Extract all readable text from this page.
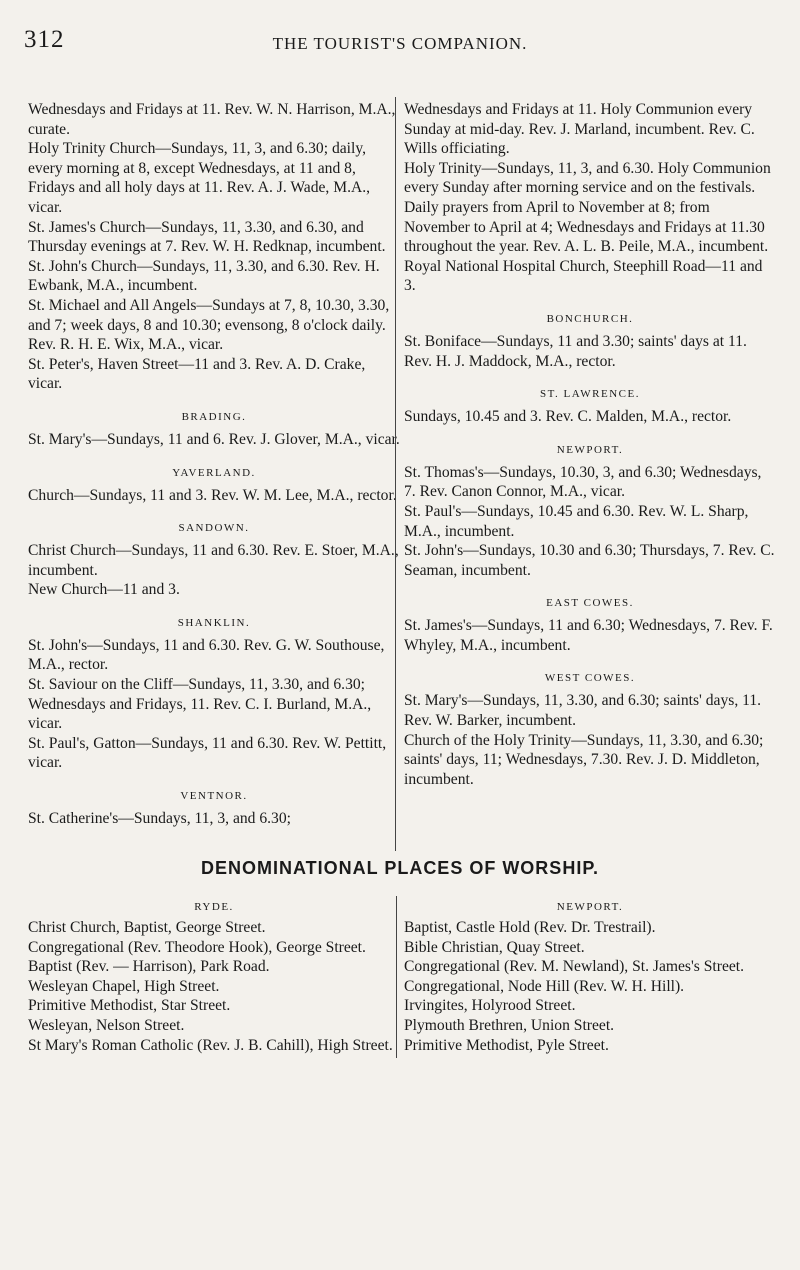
312	THE TOURIST'S COMPANION.

Wednesdays and Fridays at 11. Rev. W. N. Harrison, M.A., curate.

Holy Trinity Church—Sundays, 11, 3, and 6.30; daily, every morning at 8, except Wednesdays, at 11 and 8, Fridays and all holy days at 11. Rev. A. J. Wade, M.A., vicar.

St. James's Church—Sundays, 11, 3.30, and 6.30, and Thursday evenings at 7. Rev. W. H. Redknap, incumbent.

St. John's Church—Sundays, 11, 3.30, and 6.30. Rev. H. Ewbank, M.A., incumbent.

St. Michael and All Angels—Sundays at 7, 8, 10.30, 3.30, and 7; week days, 8 and 10.30; evensong, 8 o'clock daily. Rev. R. H. E. Wix, M.A., vicar.

St. Peter's, Haven Street—11 and 3. Rev. A. D. Crake, vicar.

BRADING.

St. Mary's—Sundays, 11 and 6. Rev. J. Glover, M.A., vicar.

YAVERLAND.

Church—Sundays, 11 and 3. Rev. W. M. Lee, M.A., rector.

SANDOWN.

Christ Church—Sundays, 11 and 6.30. Rev. E. Stoer, M.A., incumbent.

New Church—11 and 3.

SHANKLIN.

St. John's—Sundays, 11 and 6.30. Rev. G. W. Southouse, M.A., rector.

St. Saviour on the Cliff—Sundays, 11, 3.30, and 6.30; Wednesdays and Fridays, 11. Rev. C. I. Burland, M.A., vicar.

St. Paul's, Gatton—Sundays, 11 and 6.30. Rev. W. Pettitt, vicar.

VENTNOR.

St. Catherine's—Sundays, 11, 3, and 6.30;

Wednesdays and Fridays at 11. Holy Communion every Sunday at mid-day. Rev. J. Marland, incumbent. Rev. C. Wills officiating.

Holy Trinity—Sundays, 11, 3, and 6.30. Holy Communion every Sunday after morning service and on the festivals. Daily prayers from April to November at 8; from November to April at 4; Wednesdays and Fridays at 11.30 throughout the year. Rev. A. L. B. Peile, M.A., incumbent.

Royal National Hospital Church, Steephill Road—11 and 3.

BONCHURCH.

St. Boniface—Sundays, 11 and 3.30; saints' days at 11. Rev. H. J. Maddock, M.A., rector.

ST. LAWRENCE.

Sundays, 10.45 and 3. Rev. C. Malden, M.A., rector.

NEWPORT.

St. Thomas's—Sundays, 10.30, 3, and 6.30; Wednesdays, 7. Rev. Canon Connor, M.A., vicar.

St. Paul's—Sundays, 10.45 and 6.30. Rev. W. L. Sharp, M.A., incumbent.

St. John's—Sundays, 10.30 and 6.30; Thursdays, 7. Rev. C. Seaman, incumbent.

EAST COWES.

St. James's—Sundays, 11 and 6.30; Wednesdays, 7. Rev. F. Whyley, M.A., incumbent.

WEST COWES.

St. Mary's—Sundays, 11, 3.30, and 6.30; saints' days, 11. Rev. W. Barker, incumbent.

Church of the Holy Trinity—Sundays, 11, 3.30, and 6.30; saints' days, 11; Wednesdays, 7.30. Rev. J. D. Middleton, incumbent.

DENOMINATIONAL PLACES OF WORSHIP.
RYDE.

Christ Church, Baptist, George Street.

Congregational (Rev. Theodore Hook), George Street.

Baptist (Rev. — Harrison), Park Road.

Wesleyan Chapel, High Street.

Primitive Methodist, Star Street.

Wesleyan, Nelson Street.

St Mary's Roman Catholic (Rev. J. B. Cahill), High Street.

NEWPORT.

Baptist, Castle Hold (Rev. Dr. Trestrail).

Bible Christian, Quay Street.

Congregational (Rev. M. Newland), St. James's Street.

Congregational, Node Hill (Rev. W. H. Hill).

Irvingites, Holyrood Street.

Plymouth Brethren, Union Street.

Primitive Methodist, Pyle Street.
